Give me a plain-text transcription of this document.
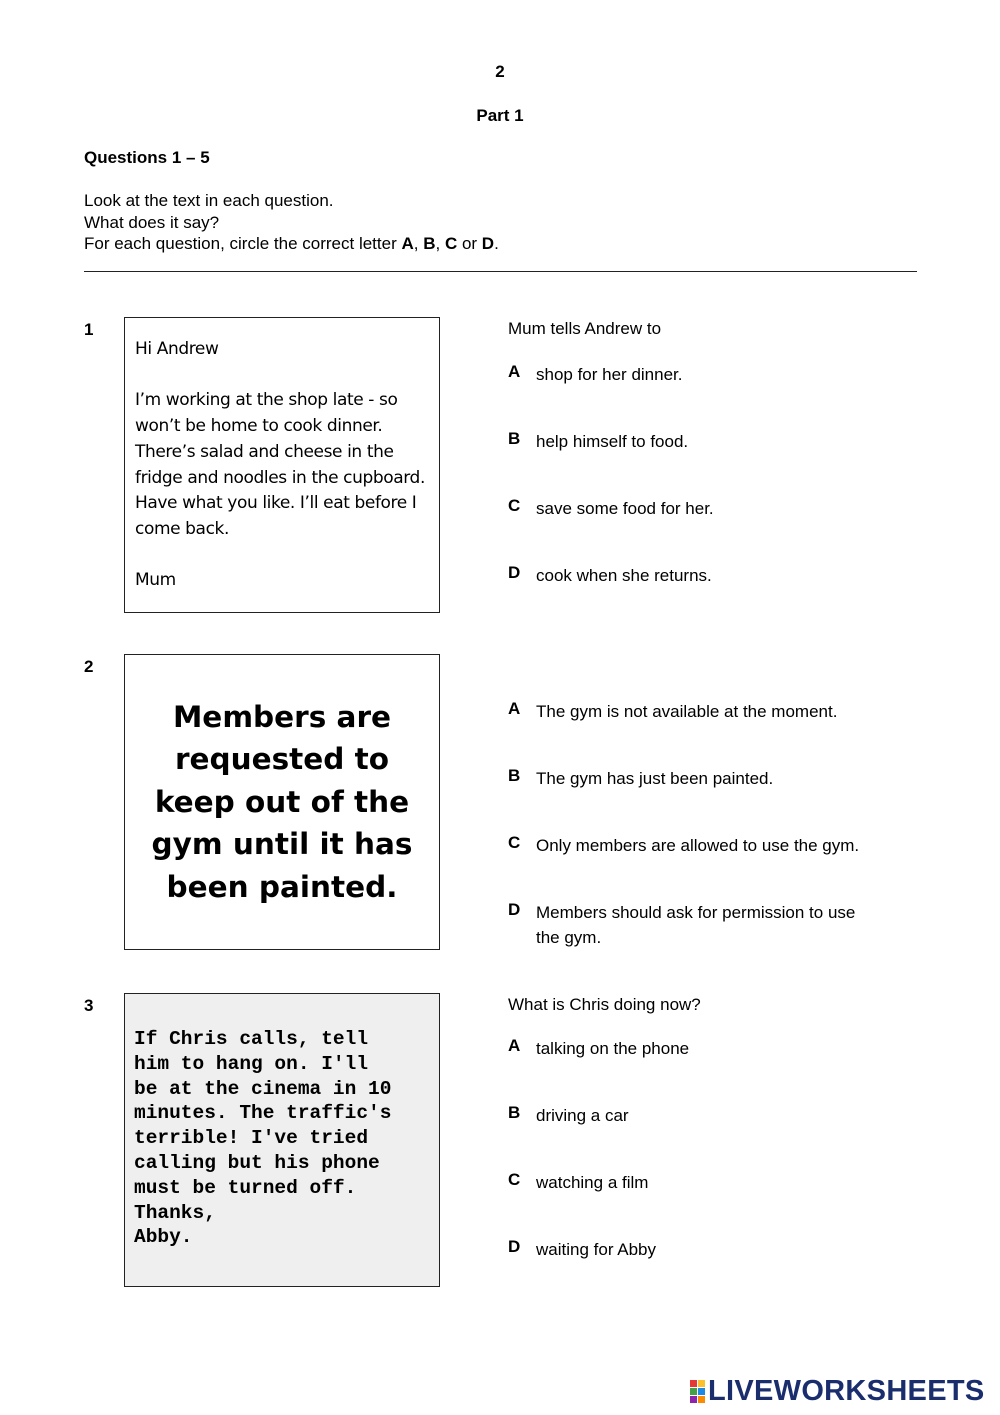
2
Part 1
Questions 1 – 5
Look at the text in each question.
What does it say?
For each question, circle the correct letter A, B, C or D.
1

Hi Andrew

I’m working at the shop late - so won’t be home to cook dinner. There’s salad and cheese in the fridge and noodles in the cupboard. Have what you like. I’ll eat before I come back.

Mum

Mum tells Andrew to
A shop for her dinner.
B help himself to food.
C save some food for her.
D cook when she returns.
2
Members are requested to keep out of the gym until it has been painted.
A The gym is not available at the moment.
B The gym has just been painted.
C Only members are allowed to use the gym.
D Members should ask for permission to use the gym.
3

If Chris calls, tell
him to hang on. I'll
be at the cinema in 10
minutes. The traffic's
terrible! I've tried
calling but his phone
must be turned off.
Thanks,
Abby.

What is Chris doing now?
A talking on the phone
B driving a car
C watching a film
D waiting for Abby
LIVEWORKSHEETS
